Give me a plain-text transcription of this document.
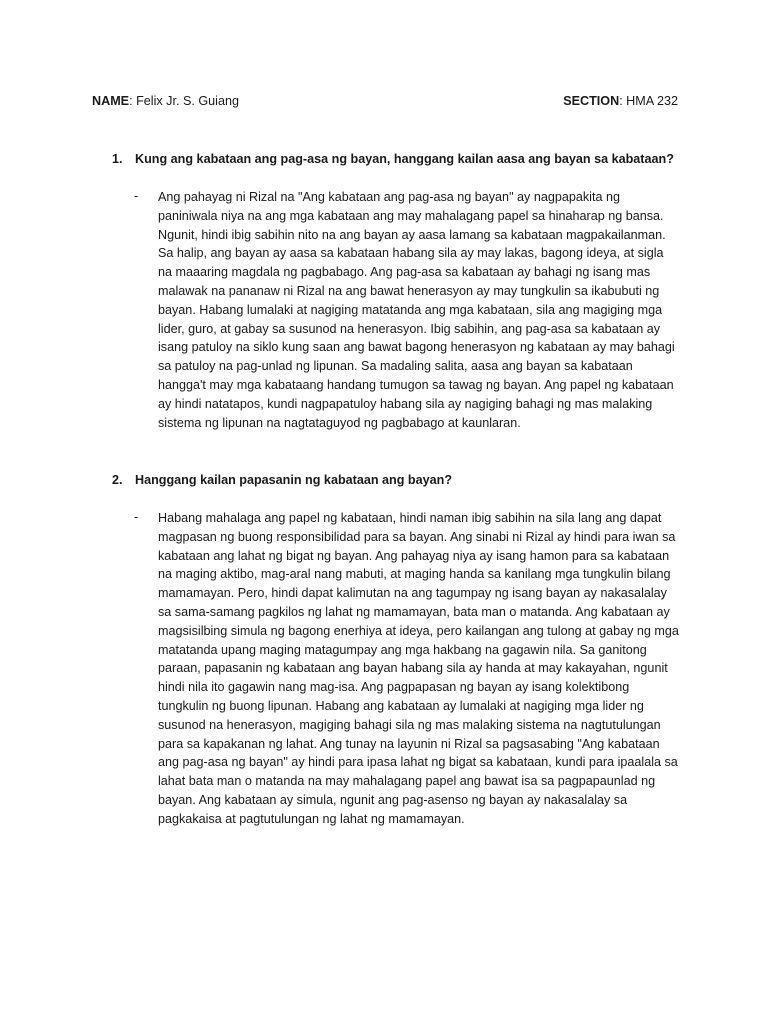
NAME: Felix Jr. S. Guiang	SECTION: HMA 232
1. Kung ang kabataan ang pag-asa ng bayan, hanggang kailan aasa ang bayan sa kabataan?
- Ang pahayag ni Rizal na "Ang kabataan ang pag-asa ng bayan" ay nagpapakita ng paniniwala niya na ang mga kabataan ang may mahalagang papel sa hinaharap ng bansa. Ngunit, hindi ibig sabihin nito na ang bayan ay aasa lamang sa kabataan magpakailanman. Sa halip, ang bayan ay aasa sa kabataan habang sila ay may lakas, bagong ideya, at sigla na maaaring magdala ng pagbabago. Ang pag-asa sa kabataan ay bahagi ng isang mas malawak na pananaw ni Rizal na ang bawat henerasyon ay may tungkulin sa ikabubuti ng bayan. Habang lumalaki at nagiging matatanda ang mga kabataan, sila ang magiging mga lider, guro, at gabay sa susunod na henerasyon. Ibig sabihin, ang pag-asa sa kabataan ay isang patuloy na siklo kung saan ang bawat bagong henerasyon ng kabataan ay may bahagi sa patuloy na pag-unlad ng lipunan. Sa madaling salita, aasa ang bayan sa kabataan hangga't may mga kabataang handang tumugon sa tawag ng bayan. Ang papel ng kabataan ay hindi natatapos, kundi nagpapatuloy habang sila ay nagiging bahagi ng mas malaking sistema ng lipunan na nagtataguyod ng pagbabago at kaunlaran.
2. Hanggang kailan papasanin ng kabataan ang bayan?
- Habang mahalaga ang papel ng kabataan, hindi naman ibig sabihin na sila lang ang dapat magpasan ng buong responsibilidad para sa bayan. Ang sinabi ni Rizal ay hindi para iwan sa kabataan ang lahat ng bigat ng bayan. Ang pahayag niya ay isang hamon para sa kabataan na maging aktibo, mag-aral nang mabuti, at maging handa sa kanilang mga tungkulin bilang mamamayan. Pero, hindi dapat kalimutan na ang tagumpay ng isang bayan ay nakasalalay sa sama-samang pagkilos ng lahat ng mamamayan, bata man o matanda. Ang kabataan ay magsisilbing simula ng bagong enerhiya at ideya, pero kailangan ang tulong at gabay ng mga matatanda upang maging matagumpay ang mga hakbang na gagawin nila. Sa ganitong paraan, papasanin ng kabataan ang bayan habang sila ay handa at may kakayahan, ngunit hindi nila ito gagawin nang mag-isa. Ang pagpapasan ng bayan ay isang kolektibong tungkulin ng buong lipunan. Habang ang kabataan ay lumalaki at nagiging mga lider ng susunod na henerasyon, magiging bahagi sila ng mas malaking sistema na nagtutulungan para sa kapakanan ng lahat. Ang tunay na layunin ni Rizal sa pagsasabing "Ang kabataan ang pag-asa ng bayan" ay hindi para ipasa lahat ng bigat sa kabataan, kundi para ipaalala sa lahat bata man o matanda na may mahalagang papel ang bawat isa sa pagpapaunlad ng bayan. Ang kabataan ay simula, ngunit ang pag-asenso ng bayan ay nakasalalay sa pagkakaisa at pagtutulungan ng lahat ng mamamayan.
